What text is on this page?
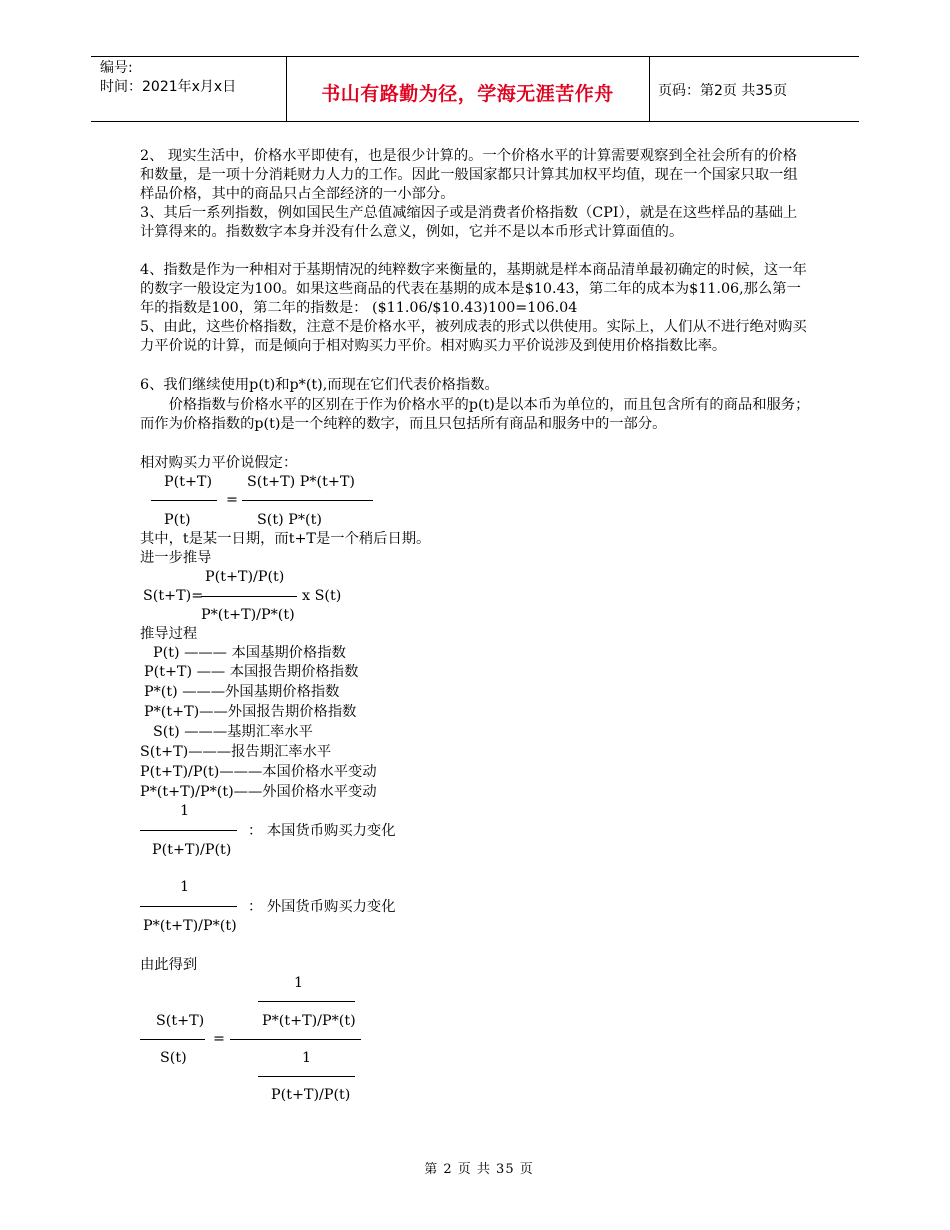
编号:
时间：2021年x月x日	书山有路勤为径，学海无涯苦作舟	页码：第2页 共35页
2、 现实生活中，价格水平即使有，也是很少计算的。一个价格水平的计算需要观察到全社会所有的价格和数量，是一项十分消耗财力人力的工作。因此一般国家都只计算其加权平均值，现在一个国家只取一组样品价格，其中的商品只占全部经济的一小部分。
3、其后一系列指数，例如国民生产总值减缩因子或是消费者价格指数（CPI），就是在这些样品的基础上 计算得来的。指数数字本身并没有什么意义，例如，它并不是以本币形式计算面值的。
4、指数是作为一种相对于基期情况的纯粹数字来衡量的，基期就是样本商品清单最初确定的时候，这一年的数字一般设定为100。如果这些商品的代表在基期的成本是$10.43，第二年的成本为$11.06,那么第一年的指数是100，第二年的指数是： ($11.06/$10.43)100=106.04
5、由此，这些价格指数，注意不是价格水平，被列成表的形式以供使用。实际上，人们从不进行绝对购买力平价说的计算，而是倾向于相对购买力平价。相对购买力平价说涉及到使用价格指数比率。
6、我们继续使用p(t)和p*(t),而现在它们代表价格指数。
价格指数与价格水平的区别在于作为价格水平的p(t)是以本币为单位的，而且包含所有的商品和服务；而作为价格指数的p(t)是一个纯粹的数字，而且只包括所有商品和服务中的一部分。
相对购买力平价说假定：
P(t+T)
P(t)
=
S(t+T) P*(t+T)
S(t) P*(t)
其中，t是某一日期，而t+T是一个稍后日期。
进一步推导
P(t+T)/P(t)
S(t+T)=	x S(t)
P*(t+T)/P*(t)
推导过程
P(t) ——— 本国基期价格指数
P(t+T) —— 本国报告期价格指数
P*(t) ———外国基期价格指数
P*(t+T)——外国报告期价格指数
S(t) ———基期汇率水平
S(t+T)———报告期汇率水平
P(t+T)/P(t)———本国价格水平变动
P*(t+T)/P*(t)——外国价格水平变动
1
： 本国货币购买力变化
P(t+T)/P(t)
1
： 外国货币购买力变化
P*(t+T)/P*(t)
由此得到
1
P*(t+T)/P*(t)
S(t+T)
=
S(t)	1
P(t+T)/P(t)
第 2 页 共 35 页
